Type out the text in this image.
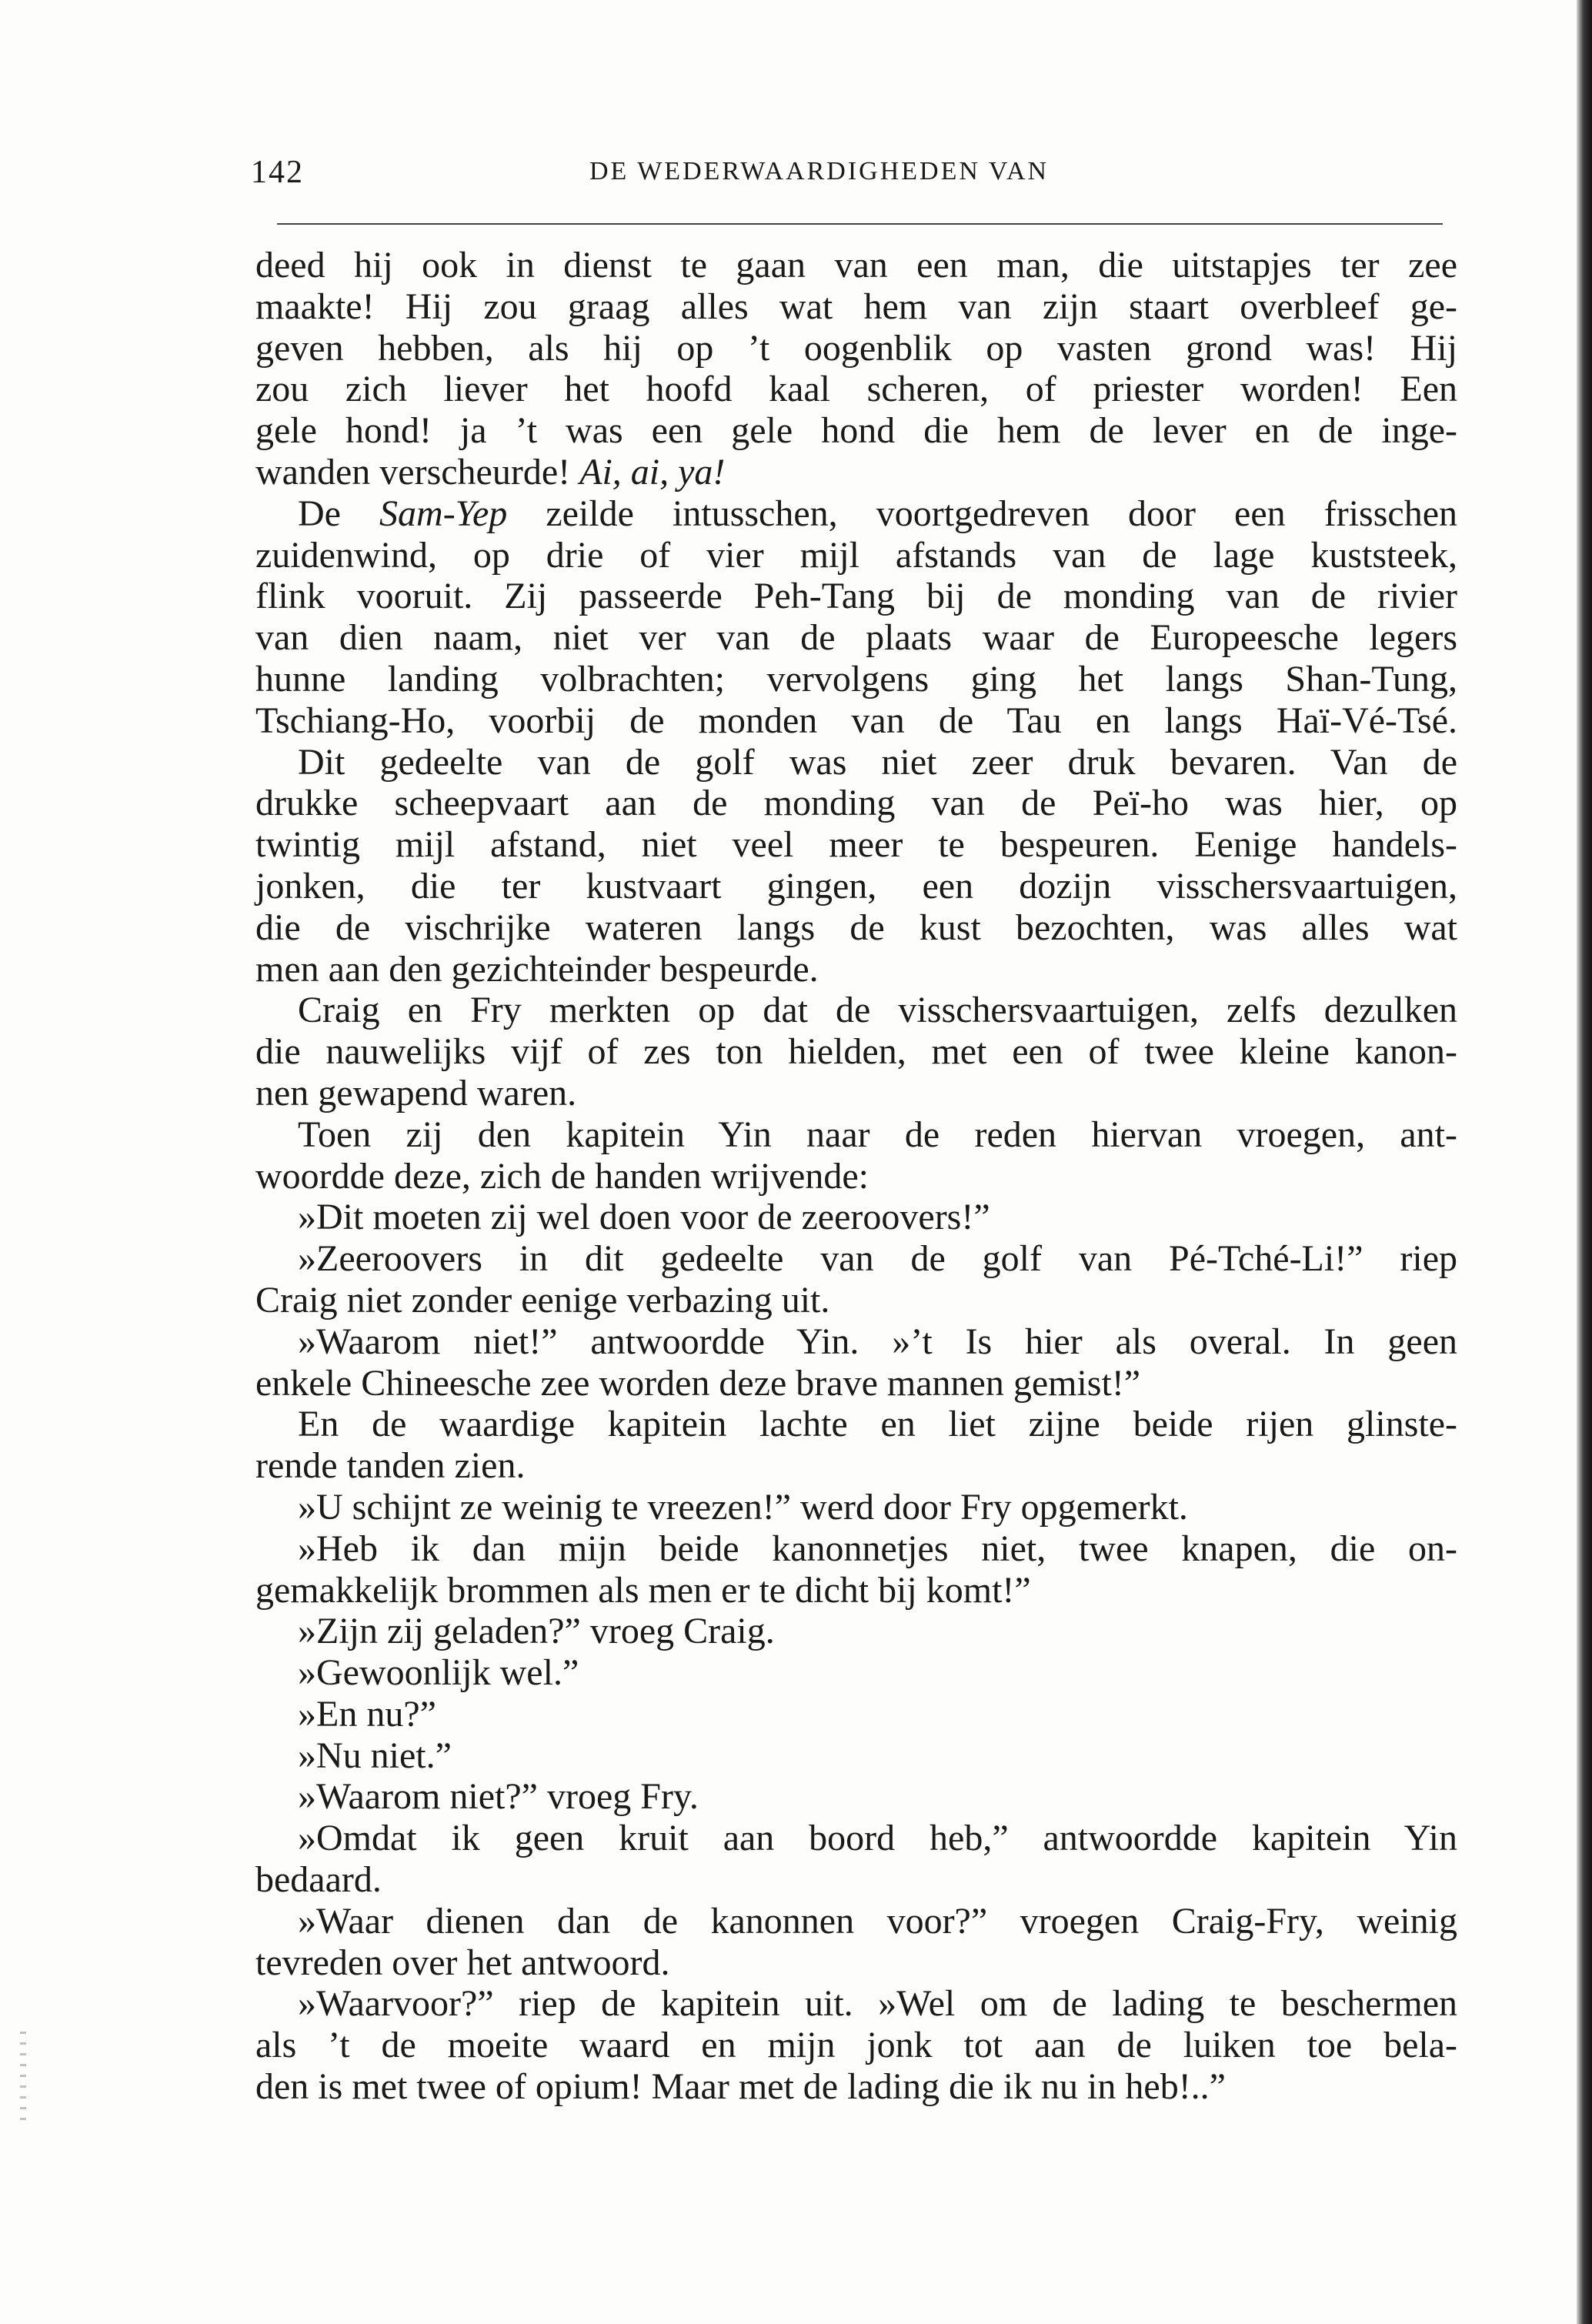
142	DE WEDERWAARDIGHEDEN VAN
deed hij ook in dienst te gaan van een man, die uitstapjes ter zee
maakte! Hij zou graag alles wat hem van zijn staart overbleef ge-
geven hebben, als hij op ’t oogenblik op vasten grond was! Hij
zou zich liever het hoofd kaal scheren, of priester worden! Een
gele hond! ja ’t was een gele hond die hem de lever en de inge-
wanden verscheurde! Ai, ai, ya!
De Sam-Yep zeilde intusschen, voortgedreven door een frisschen
zuidenwind, op drie of vier mijl afstands van de lage kuststeek,
flink vooruit. Zij passeerde Peh-Tang bij de monding van de rivier
van dien naam, niet ver van de plaats waar de Europeesche legers
hunne landing volbrachten; vervolgens ging het langs Shan-Tung,
Tschiang-Ho, voorbij de monden van de Tau en langs Haï-Vé-Tsé.
Dit gedeelte van de golf was niet zeer druk bevaren. Van de
drukke scheepvaart aan de monding van de Peï-ho was hier, op
twintig mijl afstand, niet veel meer te bespeuren. Eenige handels-
jonken, die ter kustvaart gingen, een dozijn visschersvaartuigen,
die de vischrijke wateren langs de kust bezochten, was alles wat
men aan den gezichteinder bespeurde.
Craig en Fry merkten op dat de visschersvaartuigen, zelfs dezulken
die nauwelijks vijf of zes ton hielden, met een of twee kleine kanon-
nen gewapend waren.
Toen zij den kapitein Yin naar de reden hiervan vroegen, ant-
woordde deze, zich de handen wrijvende:
»Dit moeten zij wel doen voor de zeeroovers!”
»Zeeroovers in dit gedeelte van de golf van Pé-Tché-Li!” riep
Craig niet zonder eenige verbazing uit.
»Waarom niet!” antwoordde Yin. »’t Is hier als overal. In geen
enkele Chineesche zee worden deze brave mannen gemist!”
En de waardige kapitein lachte en liet zijne beide rijen glinste-
rende tanden zien.
»U schijnt ze weinig te vreezen!” werd door Fry opgemerkt.
»Heb ik dan mijn beide kanonnetjes niet, twee knapen, die on-
gemakkelijk brommen als men er te dicht bij komt!”
»Zijn zij geladen?” vroeg Craig.
»Gewoonlijk wel.”
»En nu?”
»Nu niet.”
»Waarom niet?” vroeg Fry.
»Omdat ik geen kruit aan boord heb,” antwoordde kapitein Yin
bedaard.
»Waar dienen dan de kanonnen voor?” vroegen Craig-Fry, weinig
tevreden over het antwoord.
»Waarvoor?” riep de kapitein uit. »Wel om de lading te beschermen
als ’t de moeite waard en mijn jonk tot aan de luiken toe bela-
den is met twee of opium! Maar met de lading die ik nu in heb!..”
